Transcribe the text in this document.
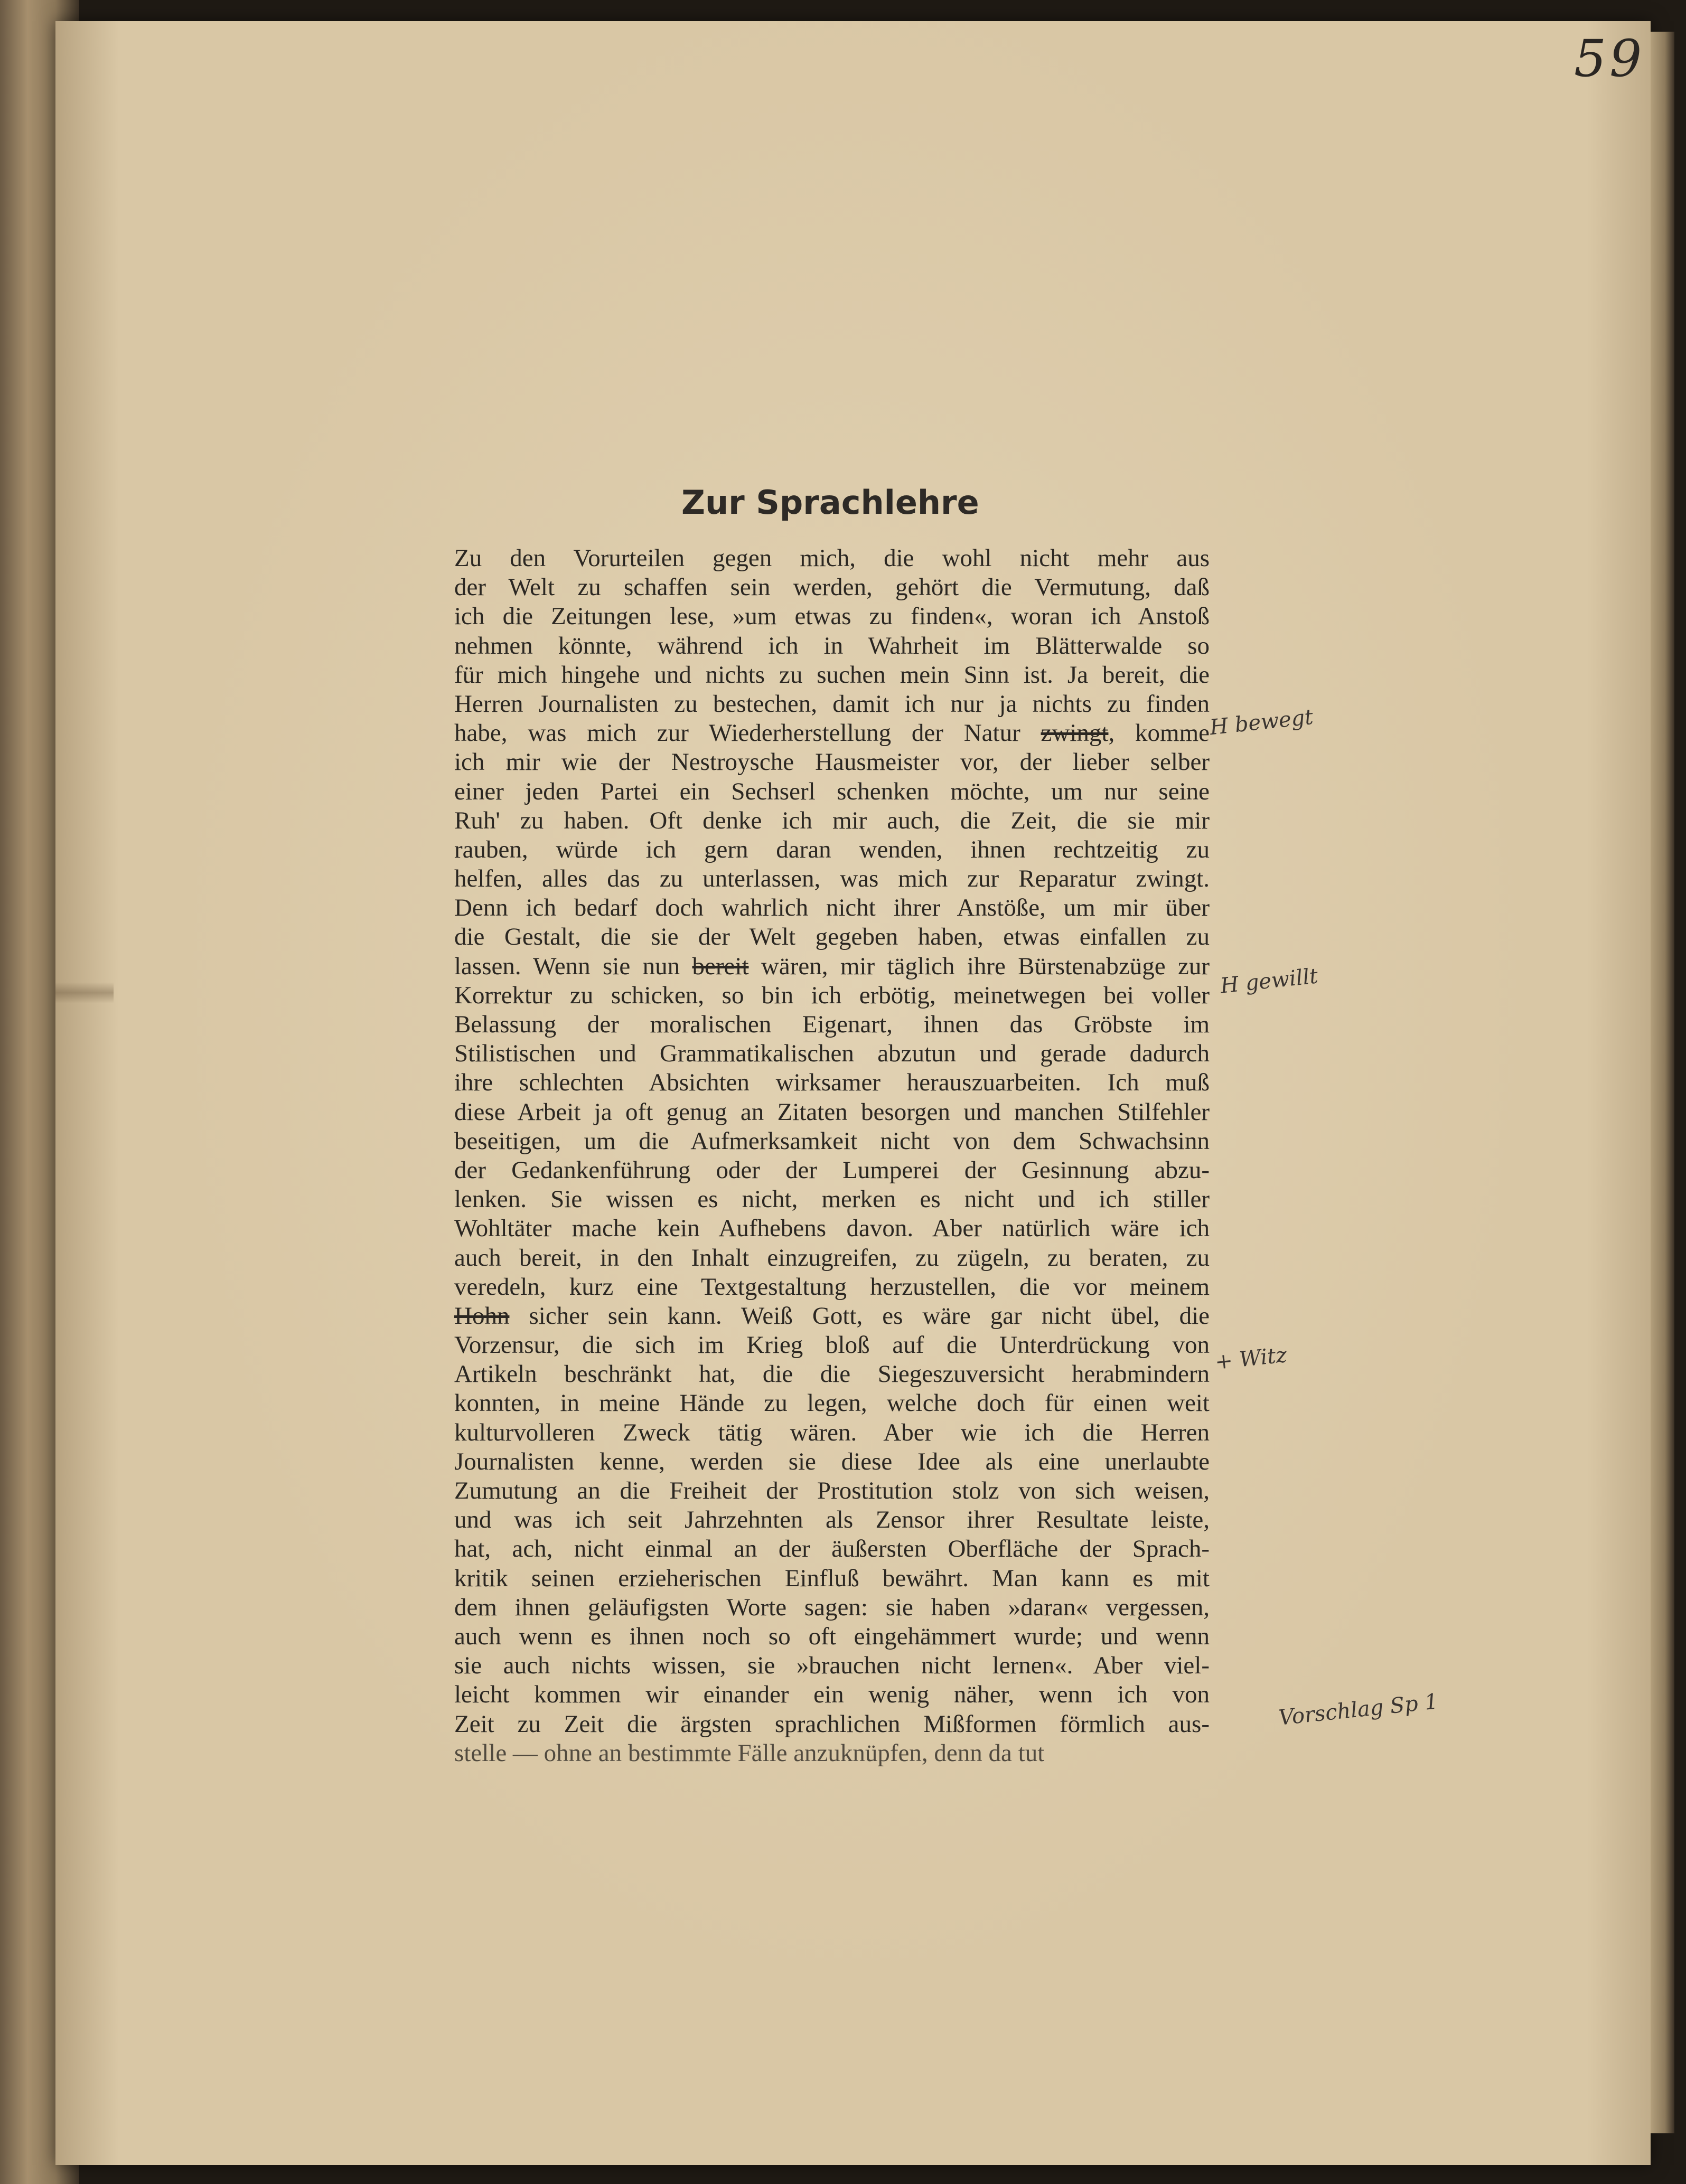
59
Zur Sprachlehre
Zu den Vorurteilen gegen mich, die wohl nicht mehr aus
der Welt zu schaffen sein werden, gehört die Vermutung, daß
ich die Zeitungen lese, »um etwas zu finden«, woran ich Anstoß
nehmen könnte, während ich in Wahrheit im Blätterwalde so
für mich hingehe und nichts zu suchen mein Sinn ist. Ja bereit, die
Herren Journalisten zu bestechen, damit ich nur ja nichts zu finden
habe, was mich zur Wiederherstellung der Natur zwingt, komme
ich mir wie der Nestroysche Hausmeister vor, der lieber selber
einer jeden Partei ein Sechserl schenken möchte, um nur seine
Ruh' zu haben. Oft denke ich mir auch, die Zeit, die sie mir
rauben, würde ich gern daran wenden, ihnen rechtzeitig zu
helfen, alles das zu unterlassen, was mich zur Reparatur zwingt.
Denn ich bedarf doch wahrlich nicht ihrer Anstöße, um mir über
die Gestalt, die sie der Welt gegeben haben, etwas einfallen zu
lassen. Wenn sie nun bereit wären, mir täglich ihre Bürstenabzüge zur
Korrektur zu schicken, so bin ich erbötig, meinetwegen bei voller
Belassung der moralischen Eigenart, ihnen das Gröbste im
Stilistischen und Grammatikalischen abzutun und gerade dadurch
ihre schlechten Absichten wirksamer herauszuarbeiten. Ich muß
diese Arbeit ja oft genug an Zitaten besorgen und manchen Stilfehler
beseitigen, um die Aufmerksamkeit nicht von dem Schwachsinn
der Gedankenführung oder der Lumperei der Gesinnung abzu-
lenken. Sie wissen es nicht, merken es nicht und ich stiller
Wohltäter mache kein Aufhebens davon. Aber natürlich wäre ich
auch bereit, in den Inhalt einzugreifen, zu zügeln, zu beraten, zu
veredeln, kurz eine Textgestaltung herzustellen, die vor meinem
Hohn sicher sein kann. Weiß Gott, es wäre gar nicht übel, die
Vorzensur, die sich im Krieg bloß auf die Unterdrückung von
Artikeln beschränkt hat, die die Siegeszuversicht herabmindern
konnten, in meine Hände zu legen, welche doch für einen weit
kulturvolleren Zweck tätig wären. Aber wie ich die Herren
Journalisten kenne, werden sie diese Idee als eine unerlaubte
Zumutung an die Freiheit der Prostitution stolz von sich weisen,
und was ich seit Jahrzehnten als Zensor ihrer Resultate leiste,
hat, ach, nicht einmal an der äußersten Oberfläche der Sprach-
kritik seinen erzieherischen Einfluß bewährt. Man kann es mit
dem ihnen geläufigsten Worte sagen: sie haben »daran« vergessen,
auch wenn es ihnen noch so oft eingehämmert wurde; und wenn
sie auch nichts wissen, sie »brauchen nicht lernen«. Aber viel-
leicht kommen wir einander ein wenig näher, wenn ich von
Zeit zu Zeit die ärgsten sprachlichen Mißformen förmlich aus-
stelle — ohne an bestimmte Fälle anzuknüpfen, denn da tut
H bewegt
H gewillt
+ Witz
Vorschlag Sp 1
